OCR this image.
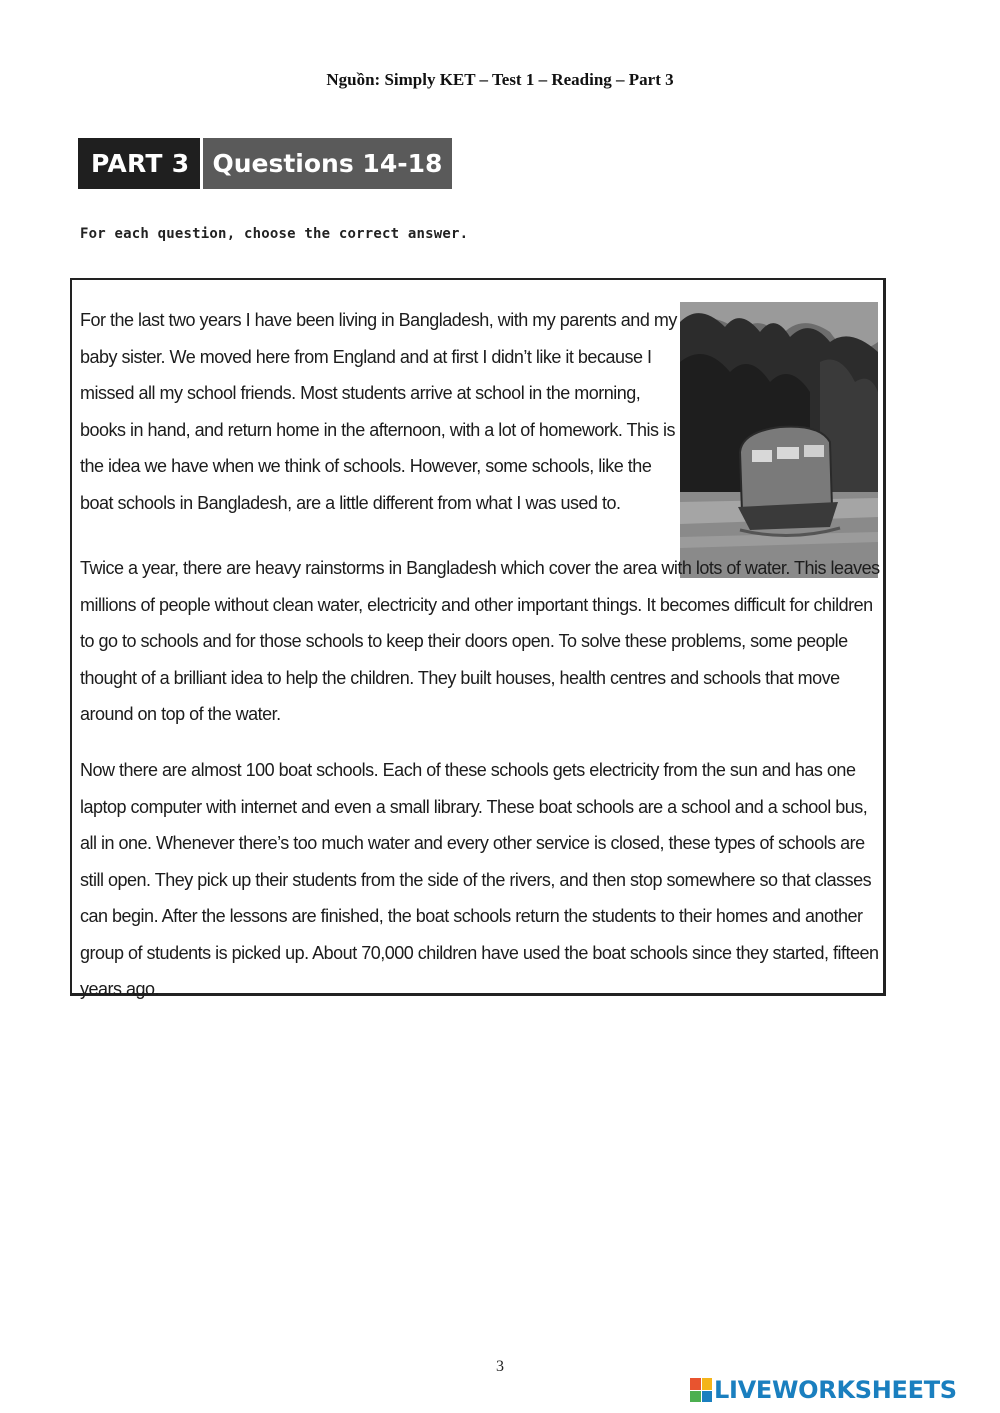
Nguồn: Simply KET – Test 1 – Reading – Part 3
PART 3 Questions 14-18
For each question, choose the correct answer.

For the last two years I have been living in Bangladesh, with my parents and my baby sister. We moved here from England and at first I didn’t like it because I missed all my school friends. Most students arrive at school in the morning, books in hand, and return home in the afternoon, with a lot of homework. This is the idea we have when we think of schools. However, some schools, like the boat schools in Bangladesh, are a little different from what I was used to.

Twice a year, there are heavy rainstorms in Bangladesh which cover the area with lots of water. This leaves millions of people without clean water, electricity and other important things. It becomes difficult for children to go to schools and for those schools to keep their doors open. To solve these problems, some people thought of a brilliant idea to help the children. They built houses, health centres and schools that move around on top of the water.

Now there are almost 100 boat schools. Each of these schools gets electricity from the sun and has one laptop computer with internet and even a small library. These boat schools are a school and a school bus, all in one. Whenever there’s too much water and every other service is closed, these types of schools are still open. They pick up their students from the side of the rivers, and then stop somewhere so that classes can begin. After the lessons are finished, the boat schools return the students to their homes and another group of students is picked up. About 70,000 children have used the boat schools since they started, fifteen years ago.

3
LIVEWORKSHEETS
